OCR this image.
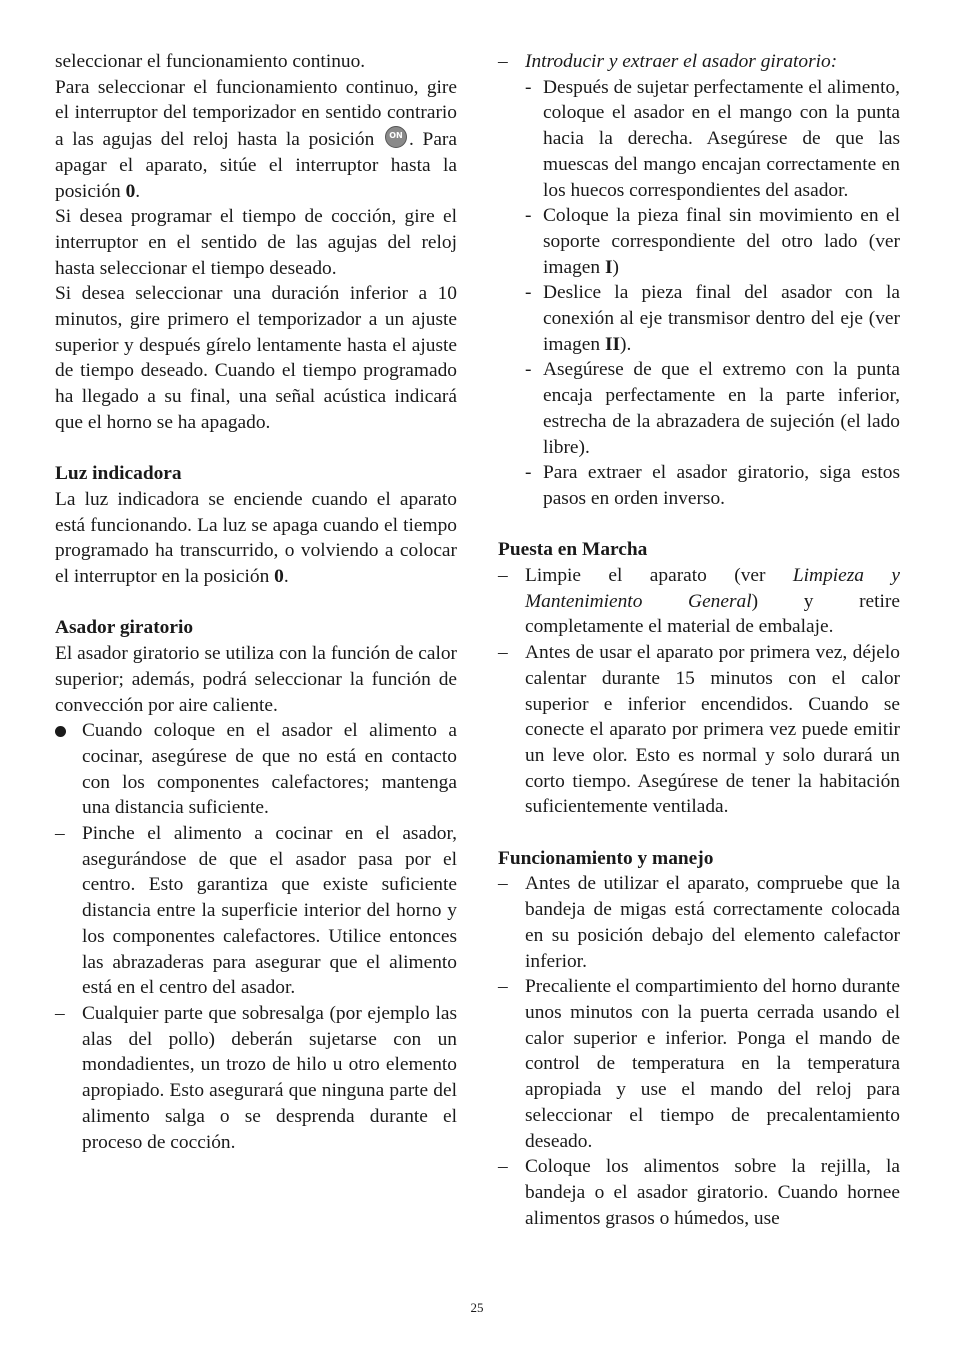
seleccionar el funcionamiento continuo.

Para seleccionar el funcionamiento continuo, gire el interruptor del temporizador en sentido contrario a las agujas del reloj hasta la posición	ON . Para apagar el aparato, sitúe el interruptor hasta la posición 0.

Si desea programar el tiempo de cocción, gire el interruptor en el sentido de las agujas del reloj hasta seleccionar el tiempo deseado.

Si desea seleccionar una duración inferior a 10 minutos, gire primero el temporizador a un ajuste superior y después gírelo lentamente hasta el ajuste de tiempo deseado. Cuando el tiempo programado ha llegado a su final, una señal acústica indicará que el horno se ha apagado.

Luz indicadora

La luz indicadora se enciende cuando el aparato está funcionando. La luz se apaga cuando el tiempo programado ha transcurrido, o volviendo a colocar el interruptor en la posición 0.

Asador giratorio

El asador giratorio se utiliza con la función de calor superior; además, podrá seleccionar la función de convección por aire caliente.

Cuando coloque en el asador el alimento a cocinar, asegúrese de que no está en contacto con los componentes calefactores; mantenga una distancia suficiente.
– Pinche el alimento a cocinar en el asador, asegurándose de que el asador pasa por el centro. Esto garantiza que existe suficiente distancia entre la superficie interior del horno y los componentes calefactores. Utilice entonces las abrazaderas para asegurar que el alimento está en el centro del asador.
– Cualquier parte que sobresalga (por ejemplo las alas del pollo) deberán sujetarse con un mondadientes, un trozo de hilo u otro elemento apropiado. Esto asegurará que ninguna parte del alimento salga o se desprenda durante el proceso de cocción.
– Introducir y extraer el asador giratorio:
- Después de sujetar perfectamente el alimento, coloque el asador en el mango con la punta hacia la derecha. Asegúrese de que las muescas del mango encajan correctamente en los huecos correspondientes del asador.
- Coloque la pieza final sin movimiento en el soporte correspondiente del otro lado (ver imagen I)
- Deslice la pieza final del asador con la conexión al eje transmisor dentro del eje (ver imagen II).
- Asegúrese de que el extremo con la punta encaja perfectamente en la parte inferior, estrecha de la abrazadera de sujeción (el lado libre).
- Para extraer el asador giratorio, siga estos pasos en orden inverso.
Puesta en Marcha
– Limpie el aparato (ver Limpieza y Mantenimiento General) y retire completamente el material de embalaje.
– Antes de usar el aparato por primera vez, déjelo calentar durante 15 minutos con el calor superior e inferior encendidos. Cuando se conecte el aparato por primera vez puede emitir un leve olor. Esto es normal y solo durará un corto tiempo. Asegúrese de tener la habitación suficientemente ventilada.
Funcionamiento y manejo
– Antes de utilizar el aparato, compruebe que la bandeja de migas está correctamente colocada en su posición debajo del elemento calefactor inferior.
– Precaliente el compartimiento del horno durante unos minutos con la puerta cerrada usando el calor superior e inferior. Ponga el mando de control de temperatura en la temperatura apropiada y use el mando del reloj para seleccionar el tiempo de precalentamiento deseado.
– Coloque los alimentos sobre la rejilla, la bandeja o el asador giratorio. Cuando hornee alimentos grasos o húmedos, use
25
